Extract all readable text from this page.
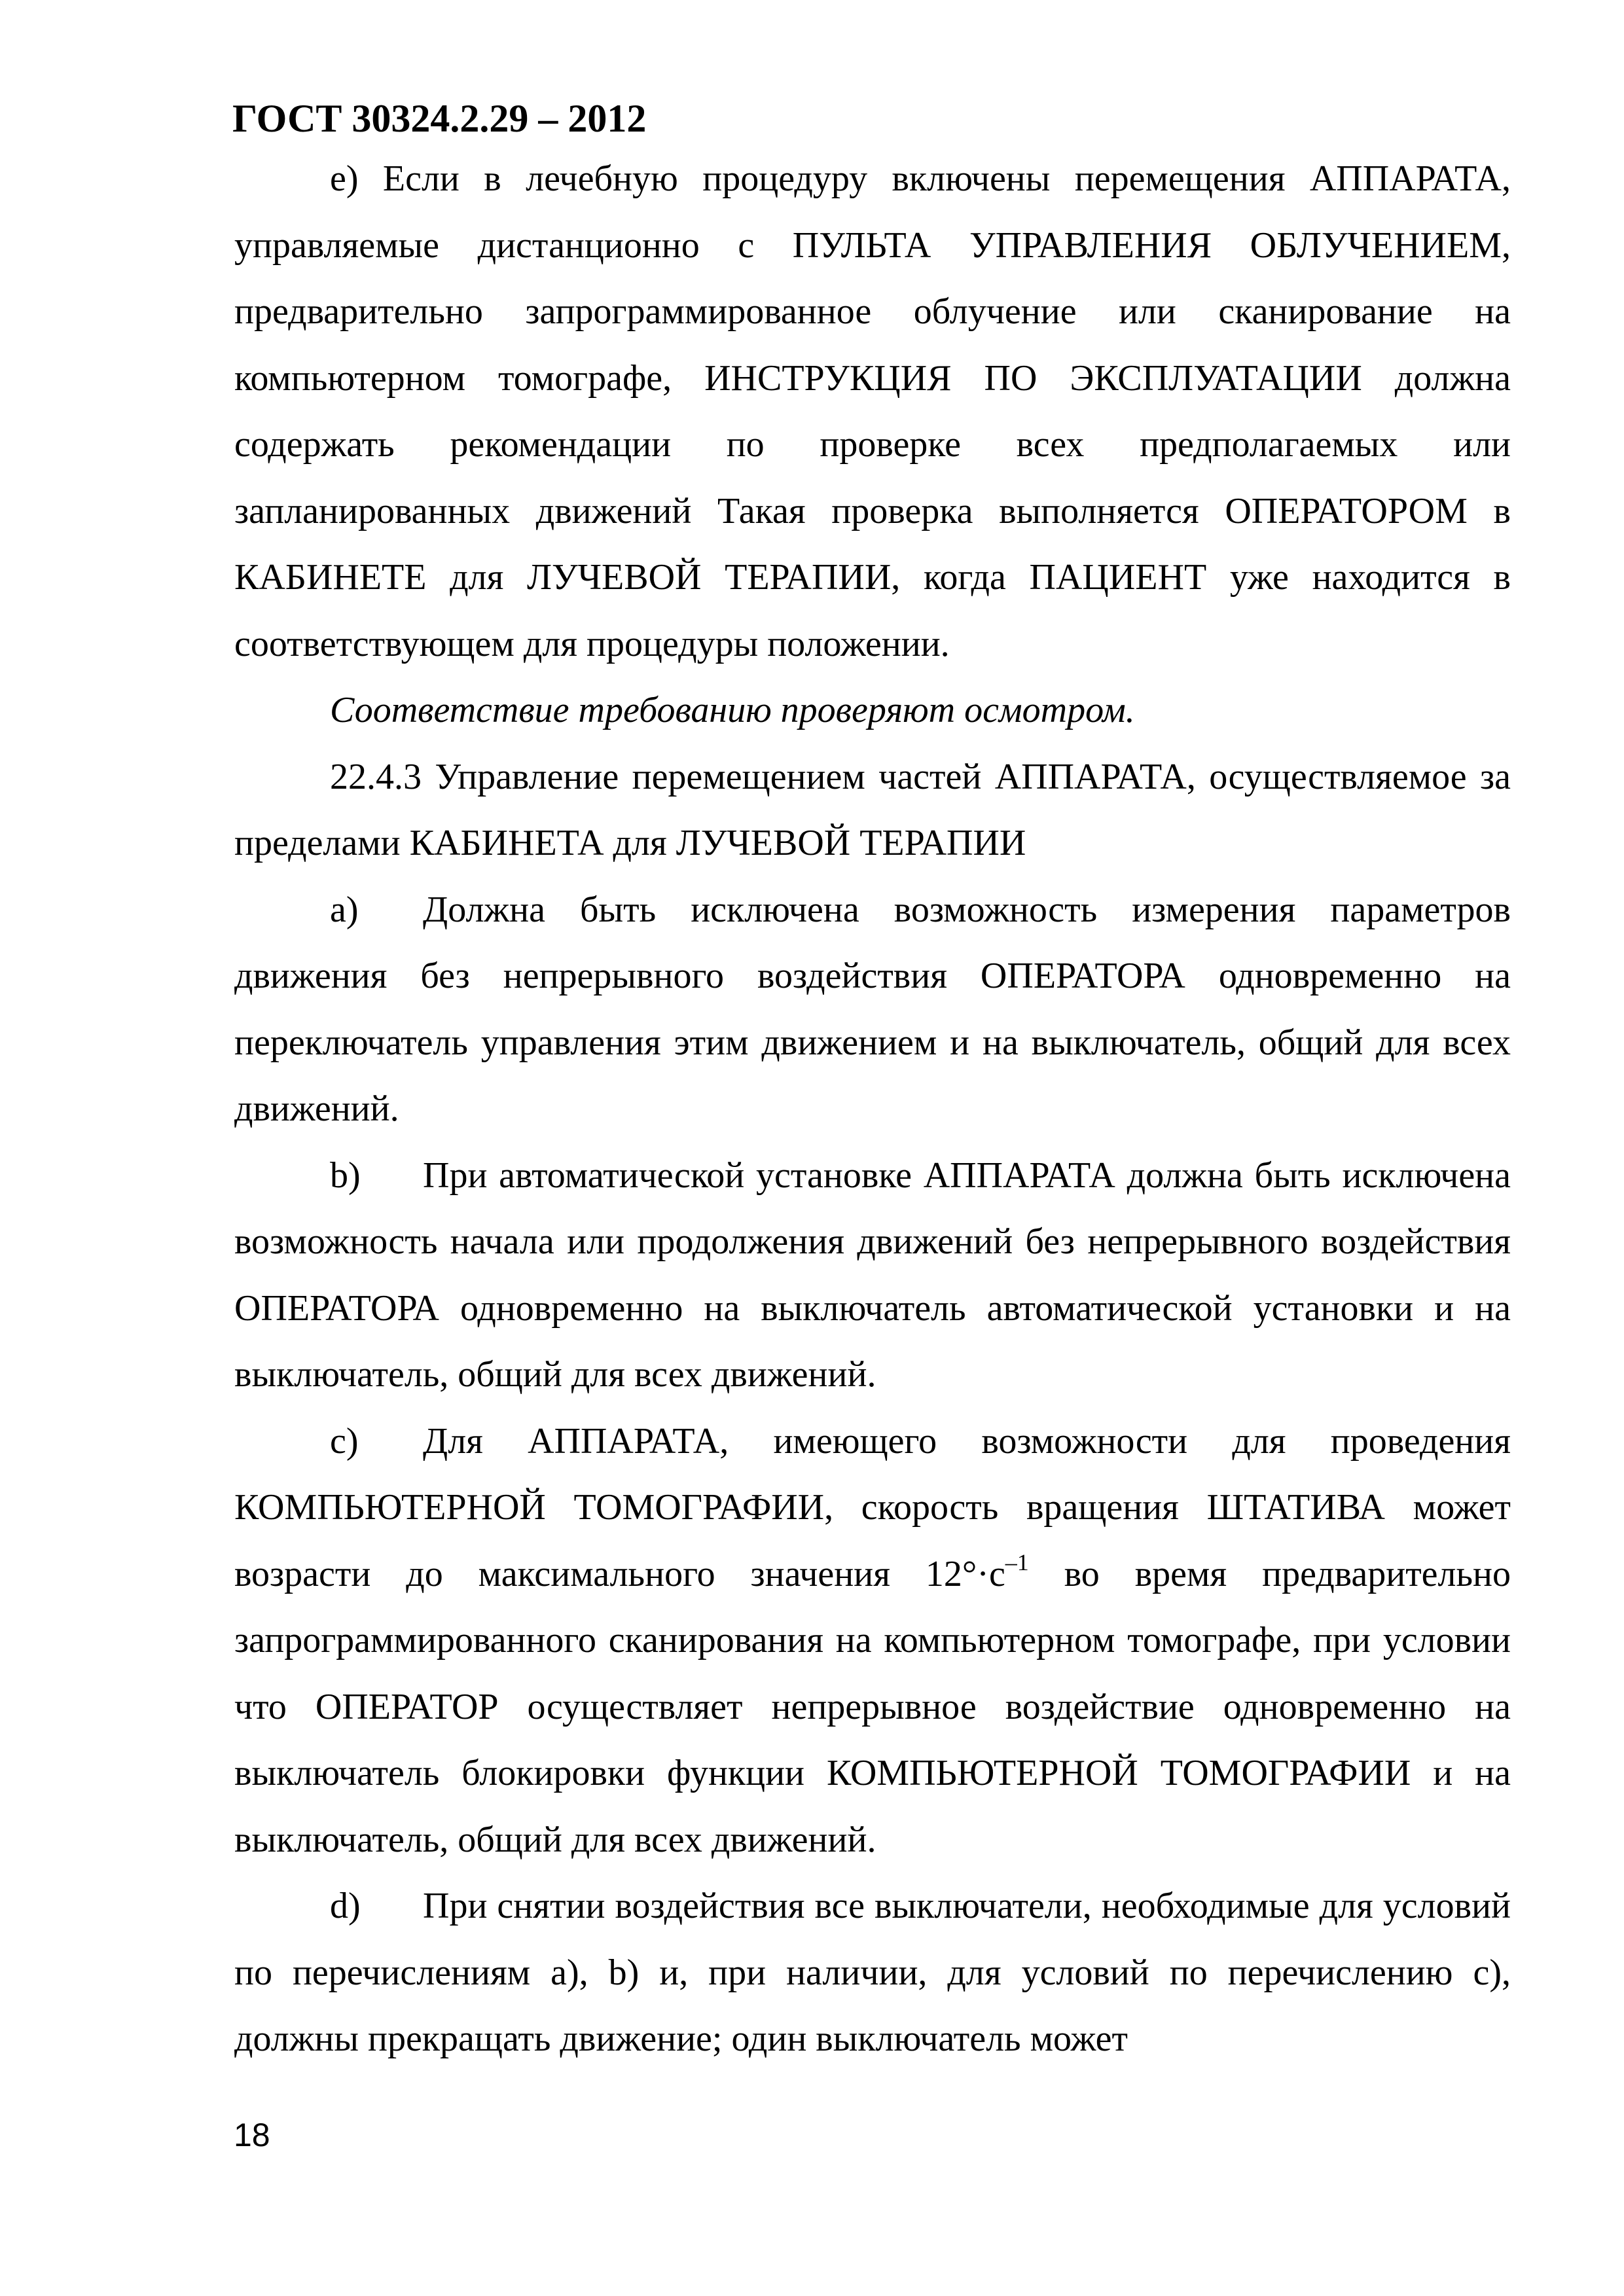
ГОСТ 30324.2.29 – 2012

е) Если в лечебную процедуру включены перемещения АППАРАТА, управляемые дистанционно с ПУЛЬТА УПРАВЛЕНИЯ ОБЛУЧЕНИЕМ, предварительно запрограммированное облучение или сканирование на компьютерном томографе, ИНСТРУКЦИЯ ПО ЭКСПЛУАТАЦИИ должна содержать рекомендации по проверке всех предполагаемых или запланированных движений Такая проверка выполняется ОПЕРАТОРОМ в КАБИНЕТЕ для ЛУЧЕВОЙ ТЕРАПИИ, когда ПАЦИЕНТ уже находится в соответствующем для процедуры положении.

Соответствие требованию проверяют осмотром.

22.4.3 Управление перемещением частей АППАРАТА, осуществляемое за пределами КАБИНЕТА для ЛУЧЕВОЙ ТЕРАПИИ

a) Должна быть исключена возможность измерения параметров движения без непрерывного воздействия ОПЕРАТОРА одновременно на переключатель управления этим движением и на выключатель, общий для всех движений.

b) При автоматической установке АППАРАТА должна быть исключена возможность начала или продолжения движений без непрерывного воздействия ОПЕРАТОРА одновременно на выключатель автоматической установки и на выключатель, общий для всех движений.

c) Для АППАРАТА, имеющего возможности для проведения КОМПЬЮТЕРНОЙ ТОМОГРАФИИ, скорость вращения ШТАТИВА может возрасти до максимального значения $12^\circ\cdot с^{-1}$ во время предварительно запрограммированного сканирования на компьютерном томографе, при условии что ОПЕРАТОР осуществляет непрерывное воздействие одновременно на выключатель блокировки функции КОМПЬЮТЕРНОЙ ТОМОГРАФИИ и на выключатель, общий для всех движений.

d) При снятии воздействия все выключатели, необходимые для условий по перечислениям a), b) и, при наличии, для условий по перечислению c), должны прекращать движение; один выключатель может

18
